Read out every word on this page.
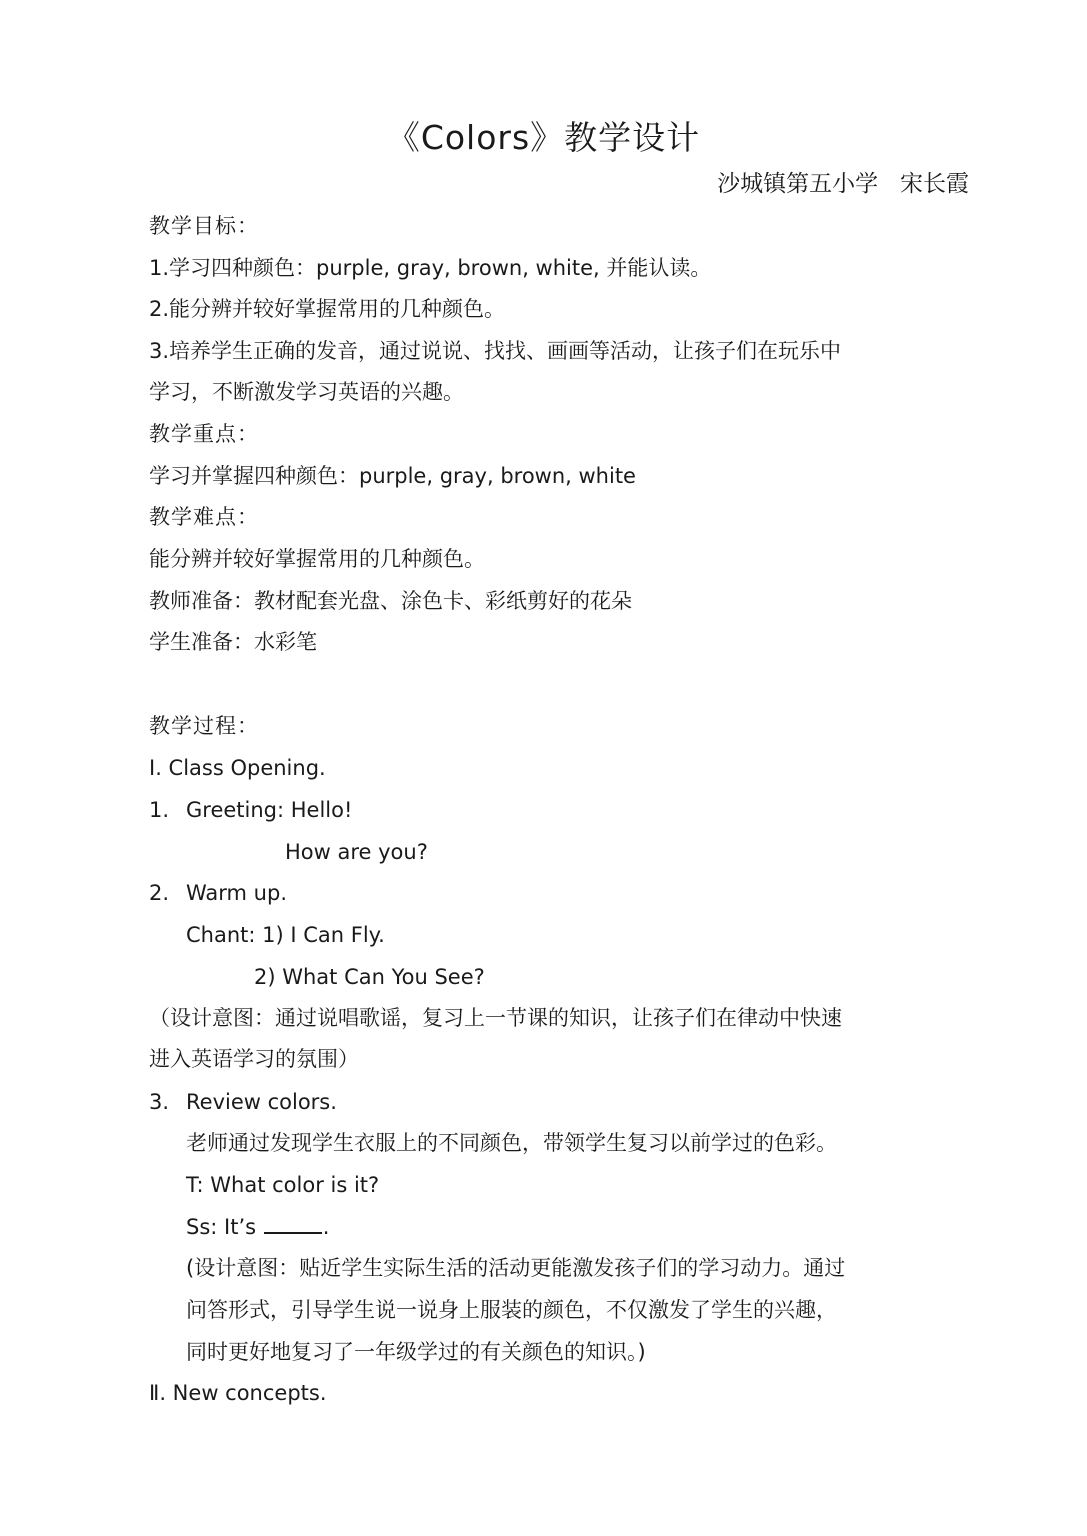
《Colors》教学设计
沙城镇第五小学   宋长霞
教学目标：
1.学习四种颜色：purple, gray, brown, white, 并能认读。
2.能分辨并较好掌握常用的几种颜色。
3.培养学生正确的发音，通过说说、找找、画画等活动，让孩子们在玩乐中
学习，不断激发学习英语的兴趣。
教学重点：
学习并掌握四种颜色：purple, gray, brown, white
教学难点：
能分辨并较好掌握常用的几种颜色。
教师准备：教材配套光盘、涂色卡、彩纸剪好的花朵
学生准备：水彩笔
教学过程：
Ⅰ. Class Opening.
1. Greeting: Hello!
How are you?
2. Warm up.
Chant: 1) I Can Fly.
2) What Can You See?
（设计意图：通过说唱歌谣，复习上一节课的知识，让孩子们在律动中快速
进入英语学习的氛围）
3. Review colors.
老师通过发现学生衣服上的不同颜色，带领学生复习以前学过的色彩。
T: What color is it?
Ss: It’s	.
(设计意图：贴近学生实际生活的活动更能激发孩子们的学习动力。通过
问答形式，引导学生说一说身上服装的颜色，不仅激发了学生的兴趣，
同时更好地复习了一年级学过的有关颜色的知识。)
Ⅱ. New concepts.
